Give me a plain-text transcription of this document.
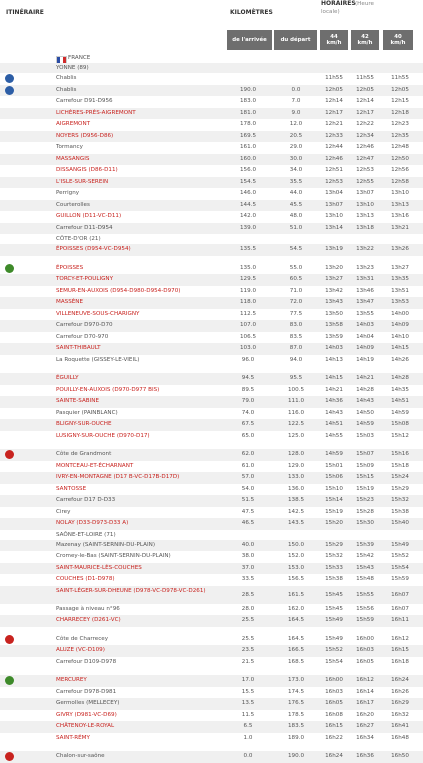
ITINÉRAIRE	KILOMÈTRES
HORAIRES (Heure
locale)
de l'arrivée	du départ
44
km/h
42
km/h
40
km/h
FRANCE
YONNE (89)
Chablis	11h55	11h55	11h55
Chablis	190.0	0.0	12h05	12h05	12h05
Carrefour D91-D956	183.0	7.0	12h14	12h14	12h15
LICHÈRES-PRÈS-AIGREMONT	181.0	9.0	12h17	12h17	12h18
AIGREMONT	178.0	12.0	12h21	12h22	12h23
NOYERS (D956-D86)	169.5	20.5	12h33	12h34	12h35
Tormancy	161.0	29.0	12h44	12h46	12h48
MASSANGIS	160.0	30.0	12h46	12h47	12h50
DISSANGIS (D86-D11)	156.0	34.0	12h51	12h53	12h56
L'ISLE-SUR-SEREIN	154.5	35.5	12h53	12h55	12h58
Perrigny	146.0	44.0	13h04	13h07	13h10
Courterolles	144.5	45.5	13h07	13h10	13h13
GUILLON (D11-VC-D11)	142.0	48.0	13h10	13h13	13h16
Carrefour D11-D954	139.0	51.0	13h14	13h18	13h21
CÔTE-D'OR (21)
ÉPOISSES (D954-VC-D954)	135.5	54.5	13h19	13h22	13h26
ÉPOISSES	135.0	55.0	13h20	13h23	13h27
TORCY-ET-POULIGNY	129.5	60.5	13h27	13h31	13h35
SEMUR-EN-AUXOIS (D954-D980-D954-D970)	119.0	71.0	13h42	13h46	13h51
MASSÈNE	118.0	72.0	13h43	13h47	13h53
VILLENEUVE-SOUS-CHARIGNY	112.5	77.5	13h50	13h55	14h00
Carrefour D970-D70	107.0	83.0	13h58	14h03	14h09
Carrefour D70-970	106.5	83.5	13h59	14h04	14h10
SAINT-THIBAULT	103.0	87.0	14h03	14h09	14h15
La Roquette (GISSEY-LE-VIEIL)	96.0	94.0	14h13	14h19	14h26
ÉGUILLY	94.5	95.5	14h15	14h21	14h28
POUILLY-EN-AUXOIS (D970-D977 BIS)	89.5	100.5	14h21	14h28	14h35
SAINTE-SABINE	79.0	111.0	14h36	14h43	14h51
Pasquier (PAINBLANC)	74.0	116.0	14h43	14h50	14h59
BLIGNY-SUR-OUCHE	67.5	122.5	14h51	14h59	15h08
LUSIGNY-SUR-OUCHE (D970-D17)	65.0	125.0	14h55	15h03	15h12
Côte de Grandmont	62.0	128.0	14h59	15h07	15h16
MONTCEAU-ET-ÉCHARNANT	61.0	129.0	15h01	15h09	15h18
IVRY-EN-MONTAGNE (D17 B-VC-D17B-D17D)	57.0	133.0	15h06	15h15	15h24
SANTOSSE	54.0	136.0	15h10	15h19	15h29
Carrefour D17 D-D33	51.5	138.5	15h14	15h23	15h32
Cirey	47.5	142.5	15h19	15h28	15h38
NOLAY (D33-D973-D33 A)	46.5	143.5	15h20	15h30	15h40
SAÔNE-ET-LOIRE (71)
Mazenay (SAINT-SERNIN-DU-PLAIN)	40.0	150.0	15h29	15h39	15h49
Cromey-le-Bas (SAINT-SERNIN-DU-PLAIN)	38.0	152.0	15h32	15h42	15h52
SAINT-MAURICE-LÈS-COUCHES	37.0	153.0	15h33	15h43	15h54
COUCHES (D1-D978)	33.5	156.5	15h38	15h48	15h59
SAINT-LÉGER-SUR-DHEUNE (D978-VC-D978-VC-D261)
28.5	161.5	15h45	15h55	16h07
Passage à niveau n°96	28.0	162.0	15h45	15h56	16h07
CHARRECEY (D261-VC)	25.5	164.5	15h49	15h59	16h11
Côte de Charrecey	25.5	164.5	15h49	16h00	16h12
ALUZE (VC-D109)	23.5	166.5	15h52	16h03	16h15
Carrefour D109-D978	21.5	168.5	15h54	16h05	16h18
MERCUREY	17.0	173.0	16h00	16h12	16h24
Carrefour D978-D981	15.5	174.5	16h03	16h14	16h26
Germolles (MELLECEY)	13.5	176.5	16h05	16h17	16h29
GIVRY (D981-VC-D69)	11.5	178.5	16h08	16h20	16h32
CHÂTENOY-LE-ROYAL	6.5	183.5	16h15	16h27	16h41
SAINT-RÉMY	1.0	189.0	16h22	16h34	16h48
Chalon-sur-saône	0.0	190.0	16h24	16h36	16h50
